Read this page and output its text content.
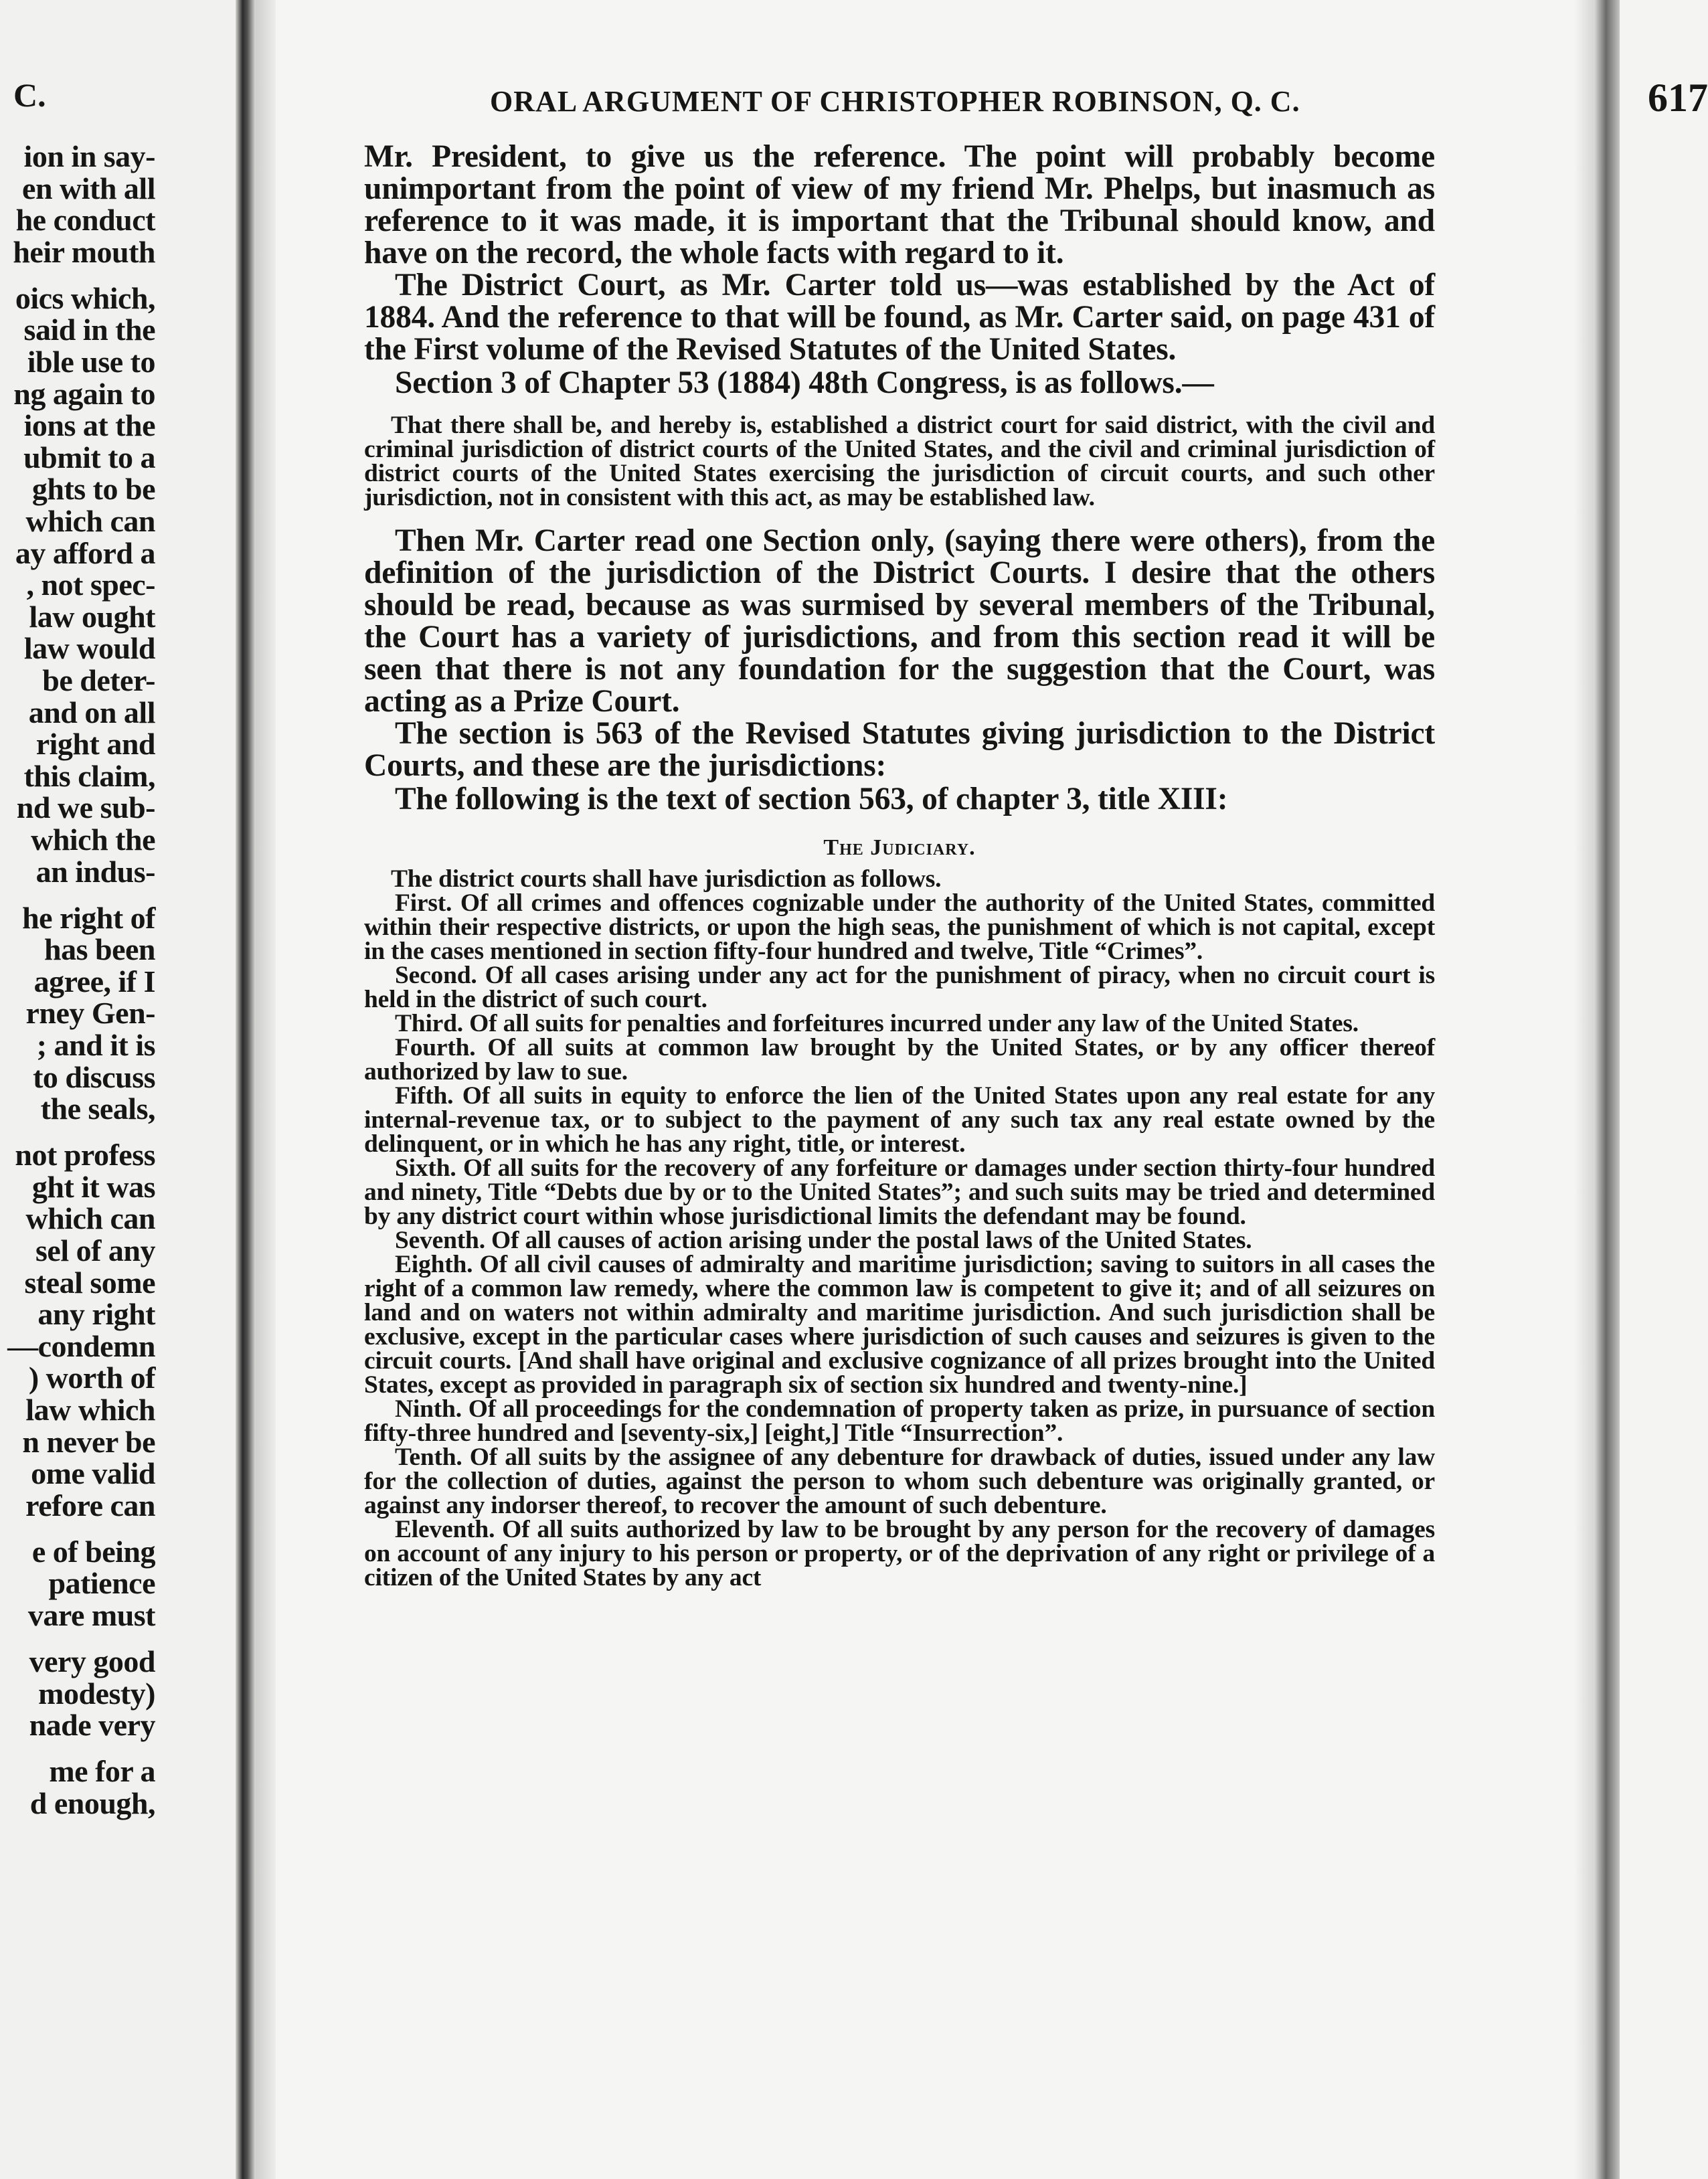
C.

ion in say-

en with all

he conduct

heir mouth

oics which,

said in the

ible use to

ng again to

ions at the

ubmit to a

ghts to be

which can

ay afford a

, not spec-

law ought

law would

be deter-

and on all

right and

this claim,

nd we sub-

which the

an indus-

he right of

has been

agree, if I

rney Gen-

; and it is

to discuss

the seals,

not profess

ght it was

which can

sel of any

steal some

any right

—condemn

) worth of

law which

n never be

ome valid

refore can

e of being

patience

vare must

very good

modesty)

nade very

me for a

d enough,

ORAL ARGUMENT OF CHRISTOPHER ROBINSON, Q. C.	617

Mr. President, to give us the reference. The point will probably become unimportant from the point of view of my friend Mr. Phelps, but inasmuch as reference to it was made, it is important that the Tribunal should know, and have on the record, the whole facts with regard to it.

The District Court, as Mr. Carter told us—was established by the Act of 1884. And the reference to that will be found, as Mr. Carter said, on page 431 of the First volume of the Revised Statutes of the United States.

Section 3 of Chapter 53 (1884) 48th Congress, is as follows.—

That there shall be, and hereby is, established a district court for said district, with the civil and criminal jurisdiction of district courts of the United States, and the civil and criminal jurisdiction of district courts of the United States exercising the jurisdiction of circuit courts, and such other jurisdiction, not in consistent with this act, as may be established law.

Then Mr. Carter read one Section only, (saying there were others), from the definition of the jurisdiction of the District Courts. I desire that the others should be read, because as was surmised by several members of the Tribunal, the Court has a variety of jurisdictions, and from this section read it will be seen that there is not any foundation for the suggestion that the Court, was acting as a Prize Court.

The section is 563 of the Revised Statutes giving jurisdiction to the District Courts, and these are the jurisdictions:

The following is the text of section 563, of chapter 3, title XIII:

The Judiciary.

The district courts shall have jurisdiction as follows.

First. Of all crimes and offences cognizable under the authority of the United States, committed within their respective districts, or upon the high seas, the punishment of which is not capital, except in the cases mentioned in section fifty-four hundred and twelve, Title “Crimes”.

Second. Of all cases arising under any act for the punishment of piracy, when no circuit court is held in the district of such court.

Third. Of all suits for penalties and forfeitures incurred under any law of the United States.

Fourth. Of all suits at common law brought by the United States, or by any officer thereof authorized by law to sue.

Fifth. Of all suits in equity to enforce the lien of the United States upon any real estate for any internal-revenue tax, or to subject to the payment of any such tax any real estate owned by the delinquent, or in which he has any right, title, or interest.

Sixth. Of all suits for the recovery of any forfeiture or damages under section thirty-four hundred and ninety, Title “Debts due by or to the United States”; and such suits may be tried and determined by any district court within whose jurisdictional limits the defendant may be found.

Seventh. Of all causes of action arising under the postal laws of the United States.

Eighth. Of all civil causes of admiralty and maritime jurisdiction; saving to suitors in all cases the right of a common law remedy, where the common law is competent to give it; and of all seizures on land and on waters not within admiralty and maritime jurisdiction. And such jurisdiction shall be exclusive, except in the particular cases where jurisdiction of such causes and seizures is given to the circuit courts. [And shall have original and exclusive cognizance of all prizes brought into the United States, except as provided in paragraph six of section six hundred and twenty-nine.]

Ninth. Of all proceedings for the condemnation of property taken as prize, in pursuance of section fifty-three hundred and [seventy-six,] [eight,] Title “Insurrection”.

Tenth. Of all suits by the assignee of any debenture for drawback of duties, issued under any law for the collection of duties, against the person to whom such debenture was originally granted, or against any indorser thereof, to recover the amount of such debenture.

Eleventh. Of all suits authorized by law to be brought by any person for the recovery of damages on account of any injury to his person or property, or of the deprivation of any right or privilege of a citizen of the United States by any act
